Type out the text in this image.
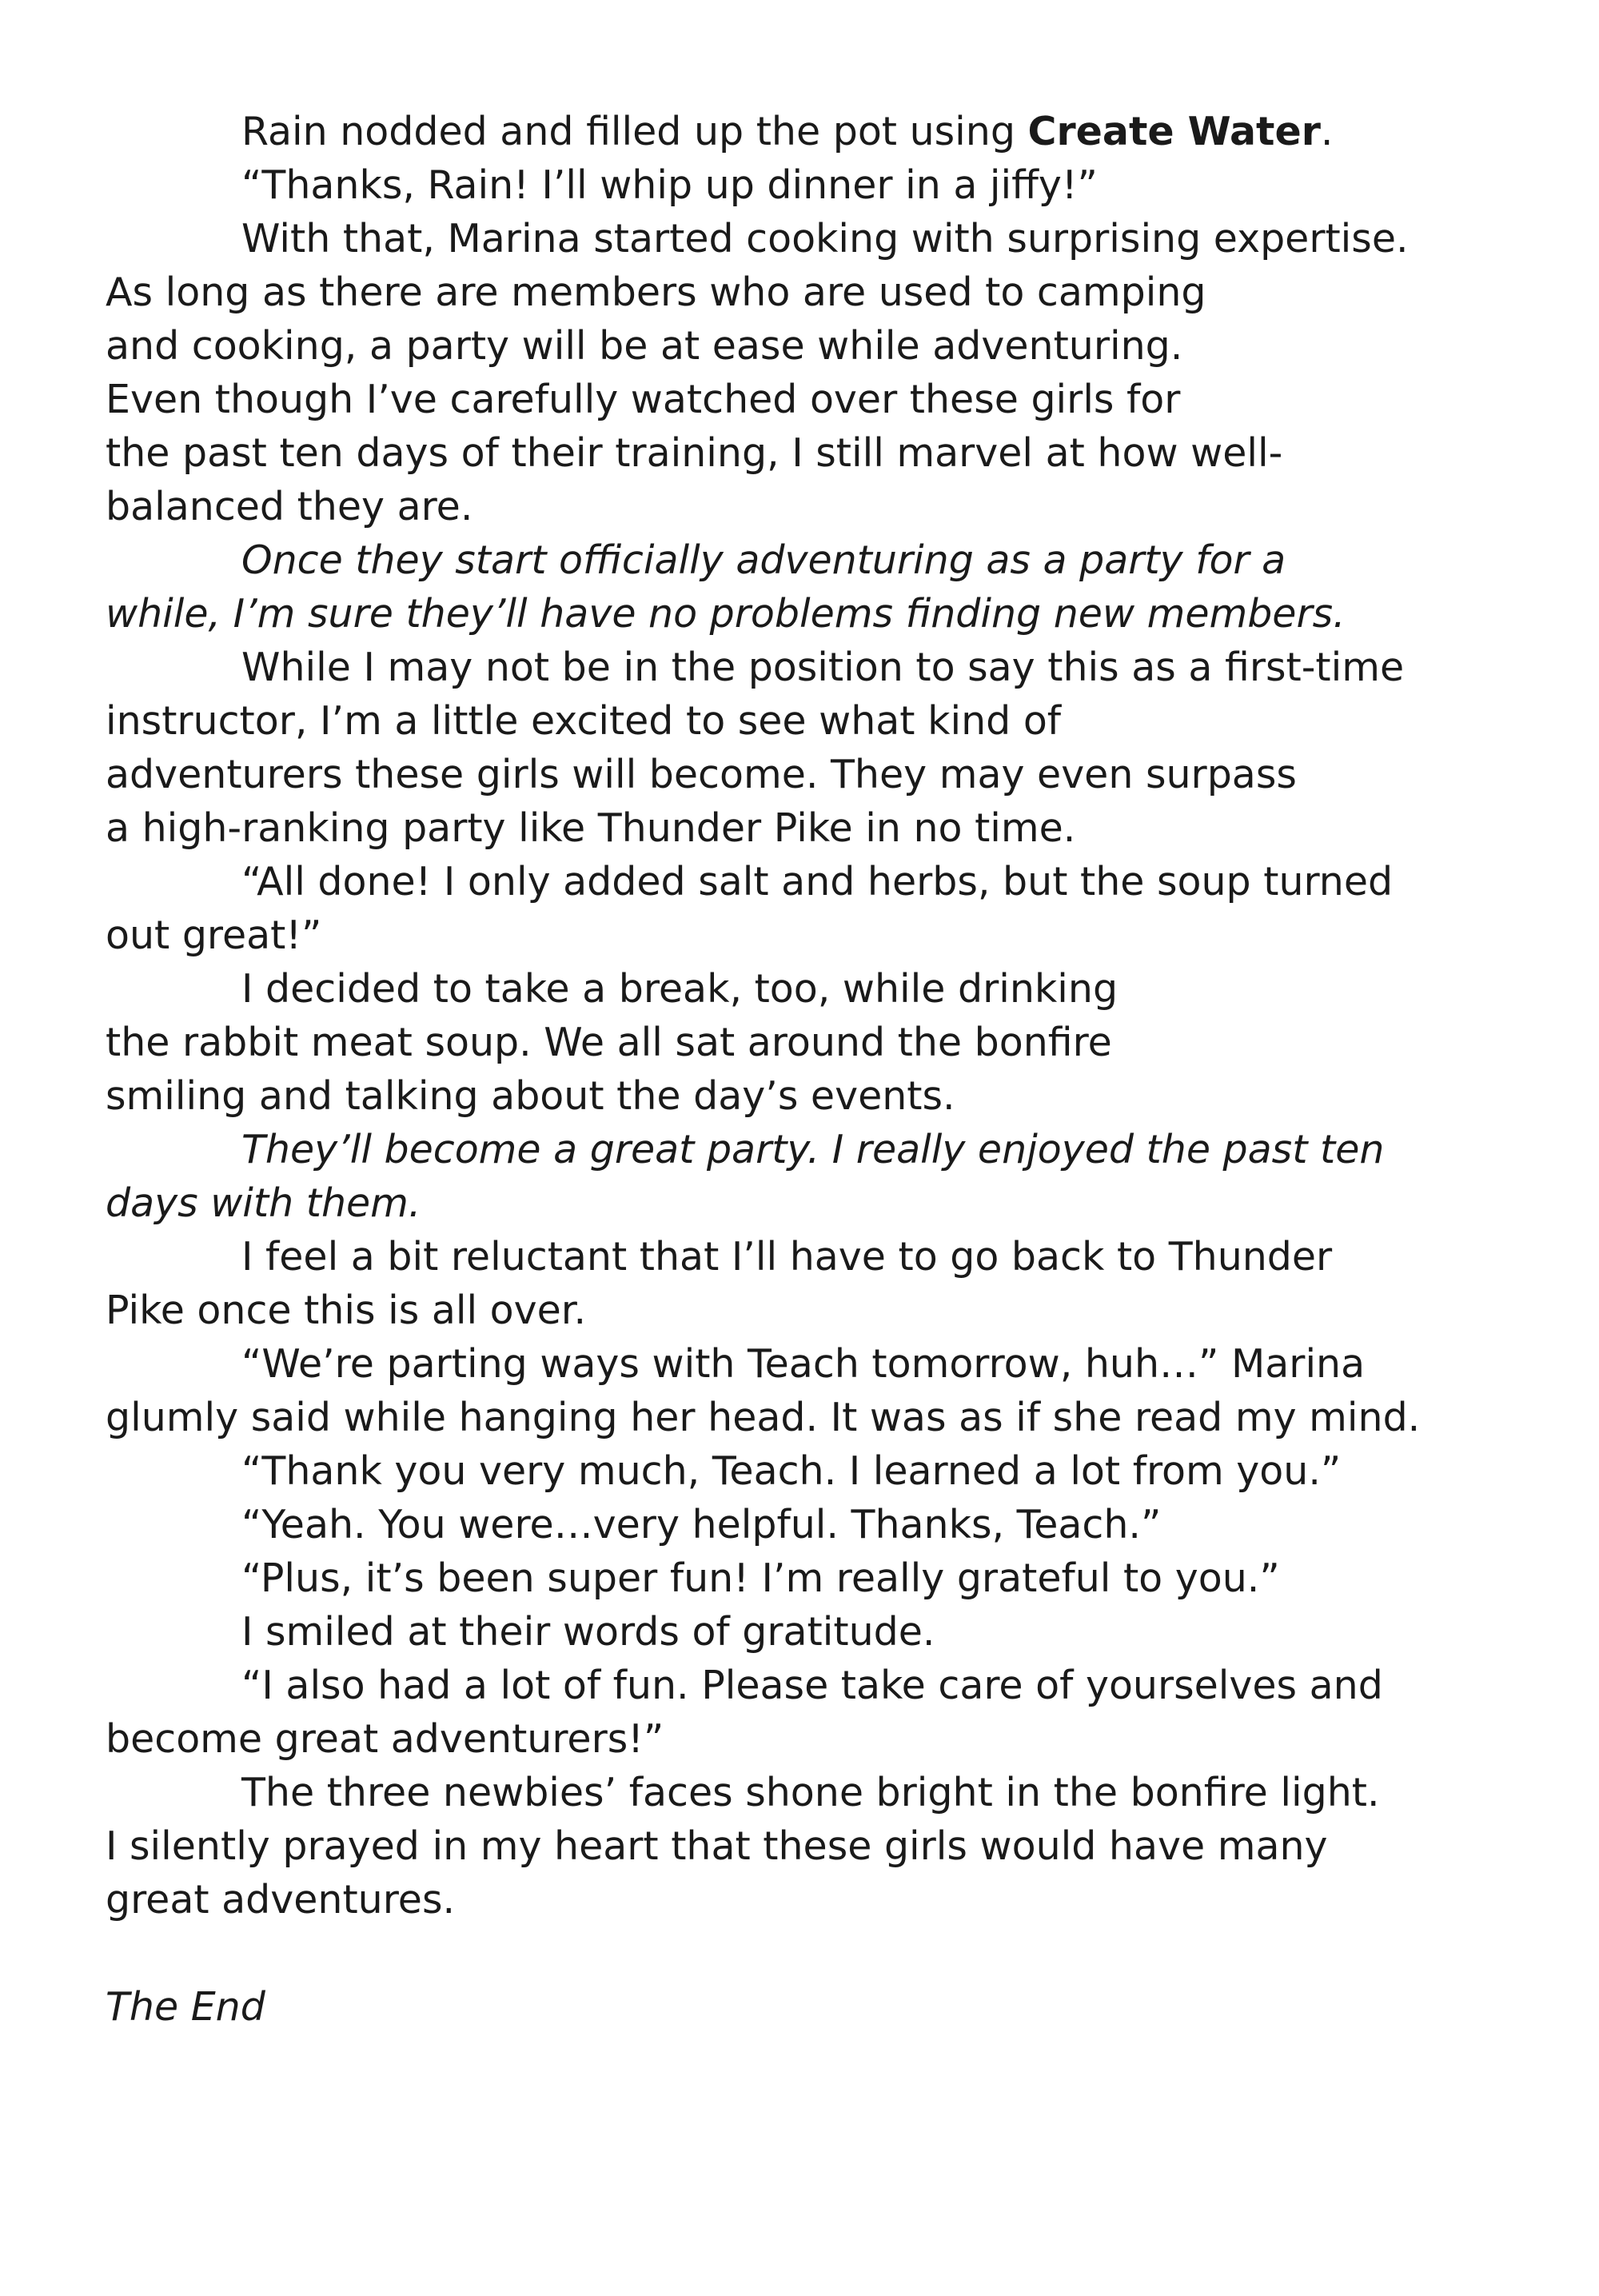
Rain nodded and filled up the pot using Create Water.
“Thanks, Rain! I’ll whip up dinner in a jiffy!”
With that, Marina started cooking with surprising expertise.
As long as there are members who are used to camping
and cooking, a party will be at ease while adventuring.
Even though I’ve carefully watched over these girls for
the past ten days of their training, I still marvel at how well-
balanced they are.
Once they start officially adventuring as a party for a
while, I’m sure they’ll have no problems finding new members.
While I may not be in the position to say this as a first-time
instructor, I’m a little excited to see what kind of
adventurers these girls will become. They may even surpass
a high-ranking party like Thunder Pike in no time.
“All done! I only added salt and herbs, but the soup turned
out great!”
I decided to take a break, too, while drinking
the rabbit meat soup. We all sat around the bonfire
smiling and talking about the day’s events.
They’ll become a great party. I really enjoyed the past ten
days with them.
I feel a bit reluctant that I’ll have to go back to Thunder
Pike once this is all over.
“We’re parting ways with Teach tomorrow, huh…” Marina
glumly said while hanging her head. It was as if she read my mind.
“Thank you very much, Teach. I learned a lot from you.”
“Yeah. You were…very helpful. Thanks, Teach.”
“Plus, it’s been super fun! I’m really grateful to you.”
I smiled at their words of gratitude.
“I also had a lot of fun. Please take care of yourselves and
become great adventurers!”
The three newbies’ faces shone bright in the bonfire light.
I silently prayed in my heart that these girls would have many
great adventures.
The End
